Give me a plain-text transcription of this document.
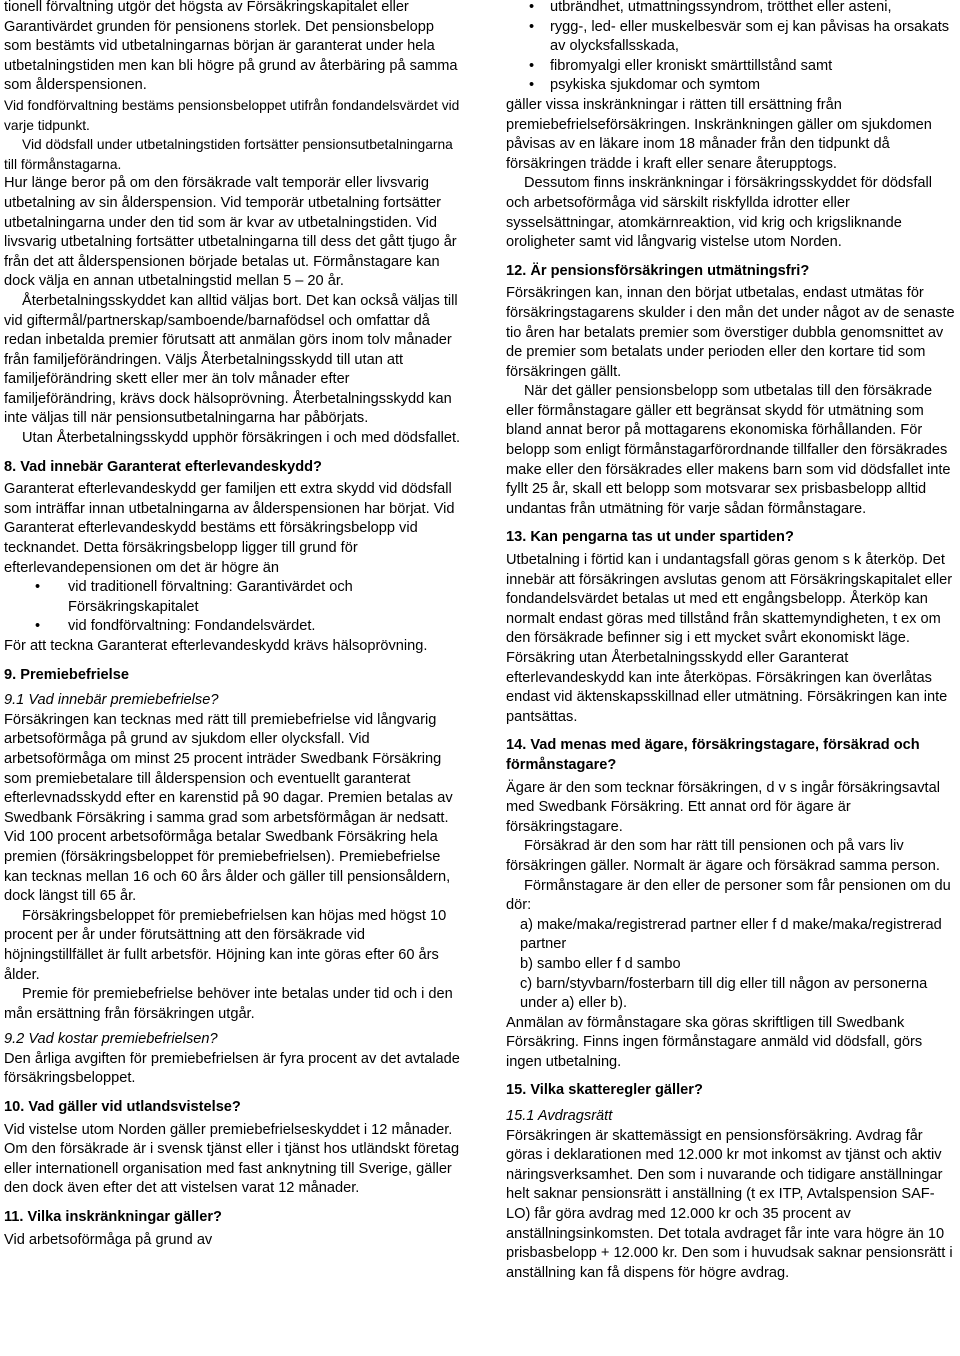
tionell förvaltning utgör det högsta av Försäkringskapitalet eller Garantivärdet grunden för pensionens storlek. Det pensionsbelopp som bestämts vid utbetalningarnas början är garanterat under hela utbetalningstiden men kan bli högre på grund av återbäring på samma som ålderspensionen.

Vid fondförvaltning bestäms pensionsbeloppet utifrån fondandelsvärdet vid varje tidpunkt.

Vid dödsfall under utbetalningstiden fortsätter pensionsutbetalningarna till förmånstagarna.

Hur länge beror på om den försäkrade valt temporär eller livsvarig utbetalning av sin ålderspension. Vid temporär utbetalning fortsätter utbetalningarna under den tid som är kvar av utbetalningstiden. Vid livsvarig utbetalning fortsätter utbetalningarna till dess det gått tjugo år från det att ålderspensionen började betalas ut. Förmånstagare kan dock välja en annan utbetalningstid mellan 5 – 20 år.

Återbetalningsskyddet kan alltid väljas bort. Det kan också väljas till vid giftermål/partnerskap/samboende/barnafödsel och omfattar då redan inbetalda premier förutsatt att anmälan görs inom tolv månader från familjeförändringen. Väljs Återbetalningsskydd till utan att familjeförändring skett eller mer än tolv månader efter familjeförändring, krävs dock hälsoprövning. Återbetalningsskydd kan inte väljas till när pensionsutbetalningarna har påbörjats.

Utan Återbetalningsskydd upphör försäkringen i och med dödsfallet.

8. Vad innebär Garanterat efterlevandeskydd?

Garanterat efterlevandeskydd ger familjen ett extra skydd vid dödsfall som inträffar innan utbetalningarna av ålderspensionen har börjat. Vid Garanterat efterlevandeskydd bestäms ett försäkringsbelopp vid tecknandet. Detta försäkringsbelopp ligger till grund för efterlevandepensionen om det är högre än

• vid traditionell förvaltning: Garantivärdet och Försäkringskapitalet
• vid fondförvaltning: Fondandelsvärdet.

För att teckna Garanterat efterlevandeskydd krävs hälsoprövning.

9. Premiebefrielse
9.1 Vad innebär premiebefrielse?

Försäkringen kan tecknas med rätt till premiebefrielse vid långvarig arbetsoförmåga på grund av sjukdom eller olycksfall. Vid arbetsoförmåga om minst 25 procent inträder Swedbank Försäkring som premiebetalare till ålderspension och eventuellt garanterat efterlevnadsskydd efter en karenstid på 90 dagar. Premien betalas av Swedbank Försäkring i samma grad som arbetsförmågan är nedsatt. Vid 100 procent arbetsoförmåga betalar Swedbank Försäkring hela premien (försäkringsbeloppet för premiebefrielsen). Premiebefrielse kan tecknas mellan 16 och 60 års ålder och gäller till pensionsåldern, dock längst till 65 år.

Försäkringsbeloppet för premiebefrielsen kan höjas med högst 10 procent per år under förutsättning att den försäkrade vid höjningstillfället är fullt arbetsför. Höjning kan inte göras efter 60 års ålder.

Premie för premiebefrielse behöver inte betalas under tid och i den mån ersättning från försäkringen utgår.

9.2 Vad kostar premiebefrielsen?

Den årliga avgiften för premiebefrielsen är fyra procent av det avtalade försäkringsbeloppet.

10. Vad gäller vid utlandsvistelse?

Vid vistelse utom Norden gäller premiebefrielseskyddet i 12 månader. Om den försäkrade är i svensk tjänst eller i tjänst hos utländskt företag eller internationell organisation med fast anknytning till Sverige, gäller den dock även efter det att vistelsen varat 12 månader.

11. Vilka inskränkningar gäller?

Vid arbetsoförmåga på grund av

• utbrändhet, utmattningssyndrom, trötthet eller asteni,
• rygg-, led- eller muskelbesvär som ej kan påvisas ha orsakats av olycksfallsskada,
• fibromyalgi eller kroniskt smärttillstånd samt
• psykiska sjukdomar och symtom

gäller vissa inskränkningar i rätten till ersättning från premiebefrielseförsäkringen. Inskränkningen gäller om sjukdomen påvisas av en läkare inom 18 månader från den tidpunkt då försäkringen trädde i kraft eller senare återupptogs.

Dessutom finns inskränkningar i försäkringsskyddet för dödsfall och arbetsoförmåga vid särskilt riskfyllda idrotter eller sysselsättningar, atomkärnreaktion, vid krig och krigsliknande oroligheter samt vid långvarig vistelse utom Norden.

12. Är pensionsförsäkringen utmätningsfri?

Försäkringen kan, innan den börjat utbetalas, endast utmätas för försäkringstagarens skulder i den mån det under något av de senaste tio åren har betalats premier som överstiger dubbla genomsnittet av de premier som betalats under perioden eller den kortare tid som försäkringen gällt.

När det gäller pensionsbelopp som utbetalas till den försäkrade eller förmånstagare gäller ett begränsat skydd för utmätning som bland annat beror på mottagarens ekonomiska förhållanden. För belopp som enligt förmånstagarförordnande tillfaller den försäkrades make eller den försäkrades eller makens barn som vid dödsfallet inte fyllt 25 år, skall ett belopp som motsvarar sex prisbasbelopp alltid undantas från utmätning för varje sådan förmånstagare.

13. Kan pengarna tas ut under spartiden?

Utbetalning i förtid kan i undantagsfall göras genom s k återköp. Det innebär att försäkringen avslutas genom att Försäkringskapitalet eller fondandelsvärdet betalas ut med ett engångsbelopp. Återköp kan normalt endast göras med tillstånd från skattemyndigheten, t ex om den försäkrade befinner sig i ett mycket svårt ekonomiskt läge. Försäkring utan Återbetalningsskydd eller Garanterat efterlevandeskydd kan inte återköpas. Försäkringen kan överlåtas endast vid äktenskapsskillnad eller utmätning. Försäkringen kan inte pantsättas.

14. Vad menas med ägare, försäkringstagare, försäkrad och förmånstagare?

Ägare är den som tecknar försäkringen, d v s ingår försäkringsavtal med Swedbank Försäkring. Ett annat ord för ägare är försäkringstagare.

Försäkrad är den som har rätt till pensionen och på vars liv försäkringen gäller. Normalt är ägare och försäkrad samma person.

Förmånstagare är den eller de personer som får pensionen om du dör:

a) make/maka/registrerad partner eller f d make/maka/registrerad partner

b) sambo eller f d sambo

c) barn/styvbarn/fosterbarn till dig eller till någon av personerna under a) eller b).

Anmälan av förmånstagare ska göras skriftligen till Swedbank Försäkring. Finns ingen förmånstagare anmäld vid dödsfall, görs ingen utbetalning.

15. Vilka skatteregler gäller?
15.1 Avdragsrätt

Försäkringen är skattemässigt en pensionsförsäkring. Avdrag får göras i deklarationen med 12.000 kr mot inkomst av tjänst och aktiv näringsverksamhet. Den som i nuvarande och tidigare anställningar helt saknar pensionsrätt i anställning (t ex ITP, Avtalspension SAF-LO) får göra avdrag med 12.000 kr och 35 procent av anställningsinkomsten. Det totala avdraget får inte vara högre än 10 prisbasbelopp + 12.000 kr. Den som i huvudsak saknar pensionsrätt i anställning kan få dispens för högre avdrag.
